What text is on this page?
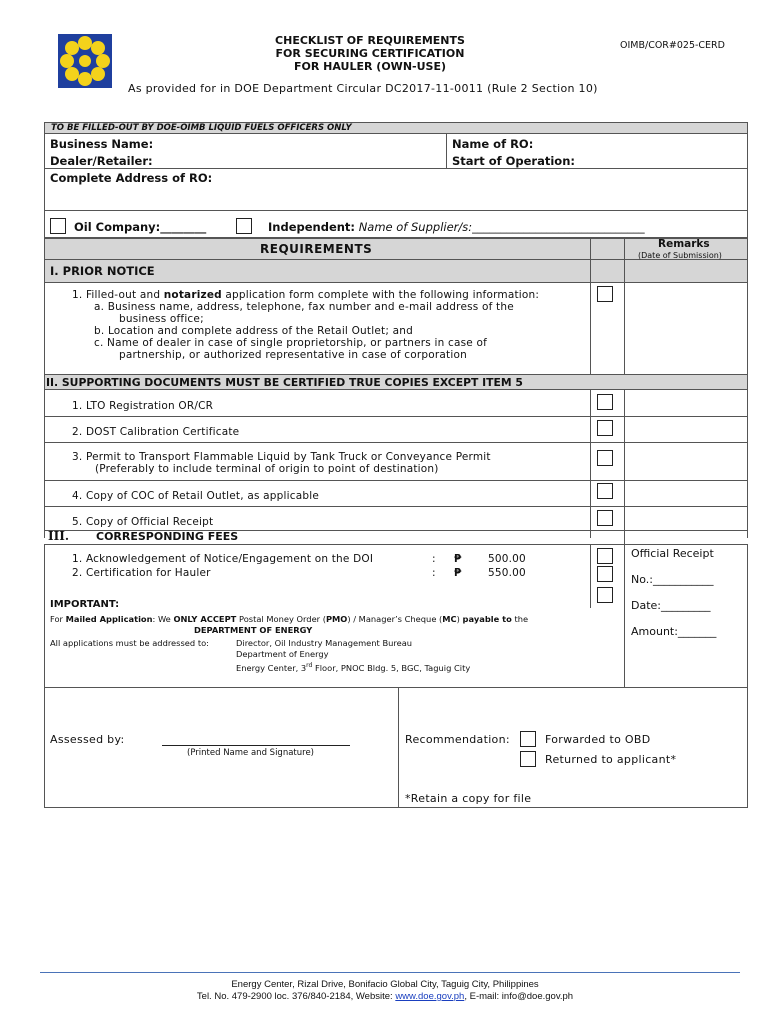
CHECKLIST OF REQUIREMENTS
FOR SECURING CERTIFICATION
FOR HAULER (OWN-USE)
OIMB/COR#025-CERD
As provided for in DOE Department Circular DC2017-11-0011 (Rule 2 Section 10)
TO BE FILLED-OUT BY DOE-OIMB LIQUID FUELS OFFICERS ONLY
Business Name:	Name of RO:
Dealer/Retailer:	Start of Operation:
Complete Address of RO:
Oil Company:________	Independent: Name of Supplier/s:______________________________
REQUIREMENTS	Remarks
(Date of Submission)
I. PRIOR NOTICE
1. Filled-out and notarized application form complete with the following information:
a. Business name, address, telephone, fax number and e-mail address of the
business office;
b. Location and complete address of the Retail Outlet; and
c. Name of dealer in case of single proprietorship, or partners in case of
partnership, or authorized representative in case of corporation
II. SUPPORTING DOCUMENTS MUST BE CERTIFIED TRUE COPIES EXCEPT ITEM 5
1. LTO Registration OR/CR
2. DOST Calibration Certificate
3. Permit to Transport Flammable Liquid by Tank Truck or Conveyance Permit
(Preferably to include terminal of origin to point of destination)
4. Copy of COC of Retail Outlet, as applicable
5. Copy of Official Receipt
III. CORRESPONDING FEES
1. Acknowledgement of Notice/Engagement on the DOI	: ₱	500.00
2. Certification for Hauler	: ₱	550.00
Official Receipt
No.:___________
Date:_________
Amount:_______
IMPORTANT:
For Mailed Application: We ONLY ACCEPT Postal Money Order (PMO) / Manager’s Cheque (MC) payable to the
DEPARTMENT OF ENERGY
All applications must be addressed to:	Director, Oil Industry Management Bureau
Department of Energy
Energy Center, 3rd Floor, PNOC Bldg. 5, BGC, Taguig City
Assessed by:
(Printed Name and Signature)
Recommendation:	Forwarded to OBD
Returned to applicant*
*Retain a copy for file
Energy Center, Rizal Drive, Bonifacio Global City, Taguig City, Philippines
Tel. No. 479-2900 loc. 376/840-2184, Website: www.doe.gov.ph, E-mail: info@doe.gov.ph
